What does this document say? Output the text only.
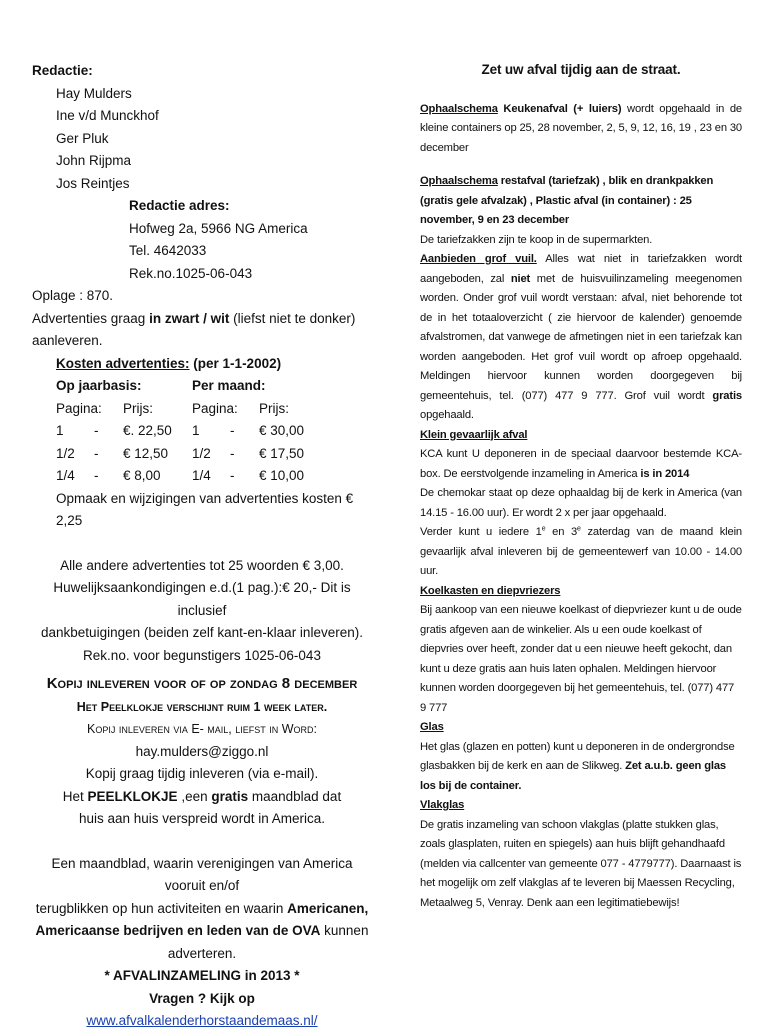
Redactie:
Hay Mulders
Ine v/d Munckhof
Ger Pluk
John Rijpma
Jos Reintjes
Redactie adres:
Hofweg 2a, 5966 NG America
Tel. 4642033
Rek.no.1025-06-043
Oplage : 870.
Advertenties graag in zwart / wit (liefst niet te donker) aanleveren.
Kosten advertenties: (per 1-1-2002)
Op jaarbasis:	Per maand:
Pagina:	Prijs:	Pagina:	Prijs:
1	-	€. 22,50	1	-	€ 30,00
1/2	-	€ 12,50	1/2	-	€ 17,50
1/4	-	€ 8,00	1/4	-	€ 10,00
Opmaak en wijzigingen van advertenties kosten € 2,25
Alle andere advertenties tot 25 woorden € 3,00.
Huwelijksaankondigingen e.d.(1 pag.):€ 20,- Dit is inclusief
dankbetuigingen (beiden zelf kant-en-klaar inleveren).
Rek.no. voor begunstigers 1025-06-043
Kopij inleveren voor of op zondag 8 december
Het Peelklokje verschijnt ruim 1 week later.
Kopij inleveren via E- mail, liefst in Word:
hay.mulders@ziggo.nl
Kopij graag tijdig inleveren (via e-mail).
Het PEELKLOKJE ,een gratis maandblad dat
huis aan huis verspreid wordt in America.
Een maandblad, waarin verenigingen van America vooruit en/of
terugblikken op hun activiteiten en waarin Americanen,
Americaanse bedrijven en leden van de OVA kunnen adverteren.
* AFVALINZAMELING in 2013 *
Vragen ? Kijk op www.afvalkalenderhorstaandemaas.nl/
Zet uw afval tijdig aan de straat.

Ophaalschema Keukenafval (+ luiers) wordt opgehaald in de kleine containers op 25, 28 november, 2, 5, 9, 12, 16, 19 , 23 en 30 december

Ophaalschema restafval (tariefzak) , blik en drankpakken (gratis gele afvalzak) , Plastic afval (in container) : 25 november, 9 en 23 december
De tariefzakken zijn te koop in de supermarkten.

Aanbieden grof vuil. Alles wat niet in tariefzakken wordt aangeboden, zal niet met de huisvuilinzameling meegenomen worden. Onder grof vuil wordt verstaan: afval, niet behorende tot de in het totaaloverzicht ( zie hiervoor de kalender) genoemde afvalstromen, dat vanwege de afmetingen niet in een tariefzak kan worden aangeboden. Het grof vuil wordt op afroep opgehaald. Meldingen hiervoor kunnen worden doorgegeven bij gemeentehuis, tel. (077) 477 9 777. Grof vuil wordt gratis opgehaald.

Klein gevaarlijk afval

KCA kunt U deponeren in de speciaal daarvoor bestemde KCA-box. De eerstvolgende inzameling in America is in 2014
De chemokar staat op deze ophaaldag bij de kerk in America (van 14.15 - 16.00 uur). Er wordt 2 x per jaar opgehaald.
Verder kunt u iedere 1e en 3e zaterdag van de maand klein gevaarlijk afval inleveren bij de gemeentewerf van 10.00 - 14.00 uur.

Koelkasten en diepvriezers

Bij aankoop van een nieuwe koelkast of diepvriezer kunt u de oude gratis afgeven aan de winkelier. Als u een oude koelkast of diepvries over heeft, zonder dat u een nieuwe heeft gekocht, dan kunt u deze gratis aan huis laten ophalen. Meldingen hiervoor kunnen worden doorgegeven bij het gemeentehuis, tel. (077) 477 9 777

Glas

Het glas (glazen en potten) kunt u deponeren in de ondergrondse glasbakken bij de kerk en aan de Slikweg. Zet a.u.b. geen glas los bij de container.

Vlakglas

De gratis inzameling van schoon vlakglas (platte stukken glas, zoals glasplaten, ruiten en spiegels) aan huis blijft gehandhaafd (melden via callcenter van gemeente 077 - 4779777). Daarnaast is het mogelijk om zelf vlakglas af te leveren bij Maessen Recycling, Metaalweg 5, Venray. Denk aan een legitimatiebewijs!
